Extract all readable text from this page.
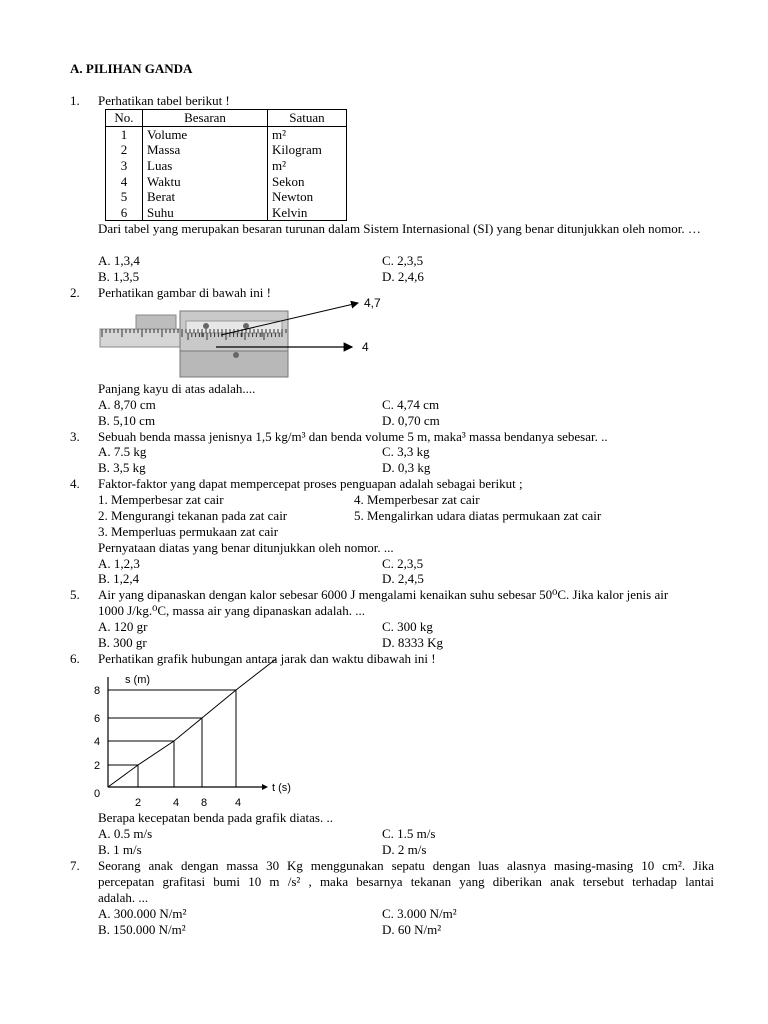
A. PILIHAN GANDA
1. Perhatikan tabel berikut !
No.	Besaran	Satuan
1	Volume	m²
2	Massa	Kilogram
3	Luas	m²
4	Waktu	Sekon
5	Berat	Newton
6	Suhu	Kelvin
Dari tabel yang merupakan besaran turunan dalam Sistem Internasional (SI) yang benar ditunjukkan oleh nomor. …
A. 1,3,4
B. 1,3,5
C. 2,3,5
D. 2,4,6
2. Perhatikan gambar di bawah ini !
4,7
4
Panjang kayu di atas adalah....
A. 8,70 cm
B. 5,10 cm
C. 4,74 cm
D. 0,70 cm
3. Sebuah benda massa jenisnya 1,5 kg/m³ dan benda volume 5 m, maka³ massa bendanya sebesar. ..
A. 7.5 kg
B. 3,5 kg
C. 3,3 kg
D. 0,3 kg
4. Faktor-faktor yang dapat mempercepat proses penguapan adalah sebagai berikut ;
1. Memperbesar zat cair
2. Mengurangi tekanan pada zat cair
3. Memperluas permukaan zat cair
4. Memperbesar zat cair
5. Mengalirkan udara diatas permukaan zat cair
Pernyataan diatas yang benar ditunjukkan oleh nomor. ...
A. 1,2,3
B. 1,2,4
C. 2,3,5
D. 2,4,5
5. Air yang dipanaskan dengan kalor sebesar 6000 J mengalami kenaikan suhu sebesar 50⁰C. Jika kalor jenis air
1000 J/kg.⁰C, massa air yang dipanaskan adalah. ...
A. 120 gr
B. 300 gr
C. 300 kg
D. 8333 Kg
6. Perhatikan grafik hubungan antara jarak dan waktu dibawah ini !
s (m)
t (s)
0
2
4
6
8
2	4 8	4
Berapa kecepatan benda pada grafik diatas. ..
A. 0.5 m/s
B. 1 m/s
C. 1.5 m/s
D. 2 m/s
7. Seorang anak dengan massa 30 Kg menggunakan sepatu dengan luas alasnya masing-masing 10 cm². Jika
percepatan grafitasi bumi 10 m /s² , maka besarnya tekanan yang diberikan anak tersebut terhadap lantai
adalah. ...
A. 300.000 N/m²
B. 150.000 N/m²
C. 3.000 N/m²
D. 60 N/m²
